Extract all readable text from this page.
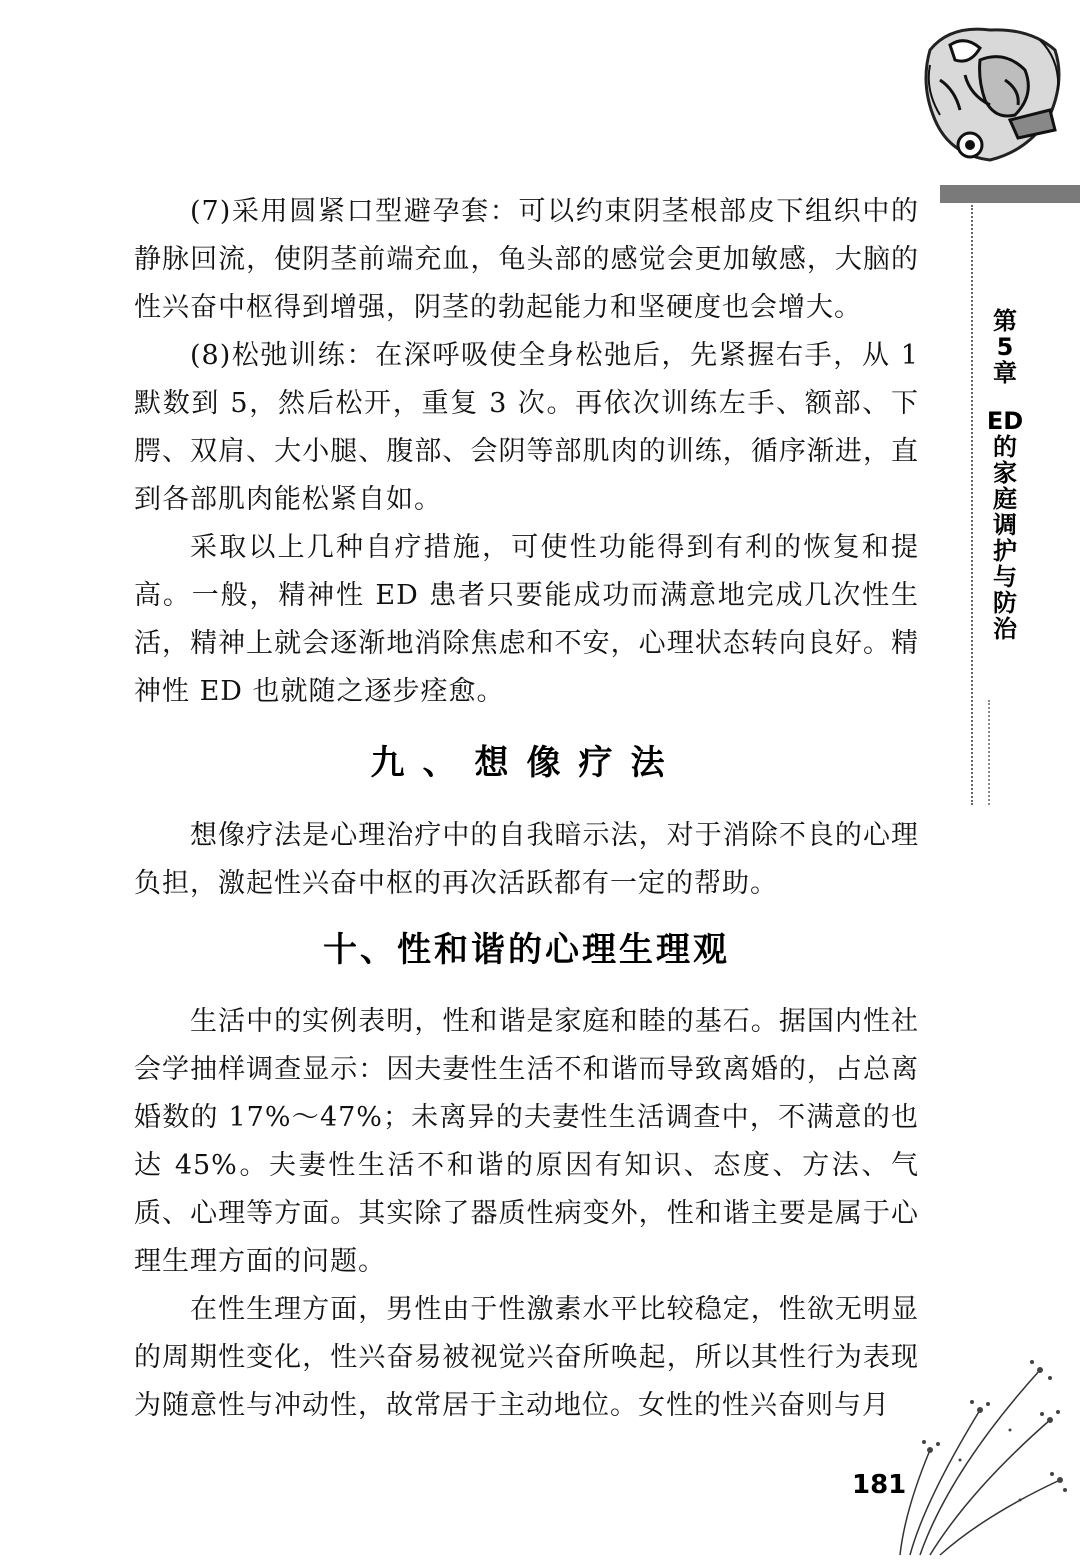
第
5
章
ED
的
家
庭
调
护
与
防
治

(7)采用圆紧口型避孕套：可以约束阴茎根部皮下组织中的静脉回流，使阴茎前端充血，龟头部的感觉会更加敏感，大脑的性兴奋中枢得到增强，阴茎的勃起能力和坚硬度也会增大。

(8)松弛训练：在深呼吸使全身松弛后，先紧握右手，从 1 默数到 5，然后松开，重复 3 次。再依次训练左手、额部、下腭、双肩、大小腿、腹部、会阴等部肌肉的训练，循序渐进，直到各部肌肉能松紧自如。

采取以上几种自疗措施，可使性功能得到有利的恢复和提高。一般，精神性 ED 患者只要能成功而满意地完成几次性生活，精神上就会逐渐地消除焦虑和不安，心理状态转向良好。精神性 ED 也就随之逐步痊愈。

九、想像疗法

想像疗法是心理治疗中的自我暗示法，对于消除不良的心理负担，激起性兴奋中枢的再次活跃都有一定的帮助。

十、性和谐的心理生理观

生活中的实例表明，性和谐是家庭和睦的基石。据国内性社会学抽样调查显示：因夫妻性生活不和谐而导致离婚的，占总离婚数的 17%～47%；未离异的夫妻性生活调查中，不满意的也达 45%。夫妻性生活不和谐的原因有知识、态度、方法、气质、心理等方面。其实除了器质性病变外，性和谐主要是属于心理生理方面的问题。

在性生理方面，男性由于性激素水平比较稳定，性欲无明显的周期性变化，性兴奋易被视觉兴奋所唤起，所以其性行为表现为随意性与冲动性，故常居于主动地位。女性的性兴奋则与月

181
